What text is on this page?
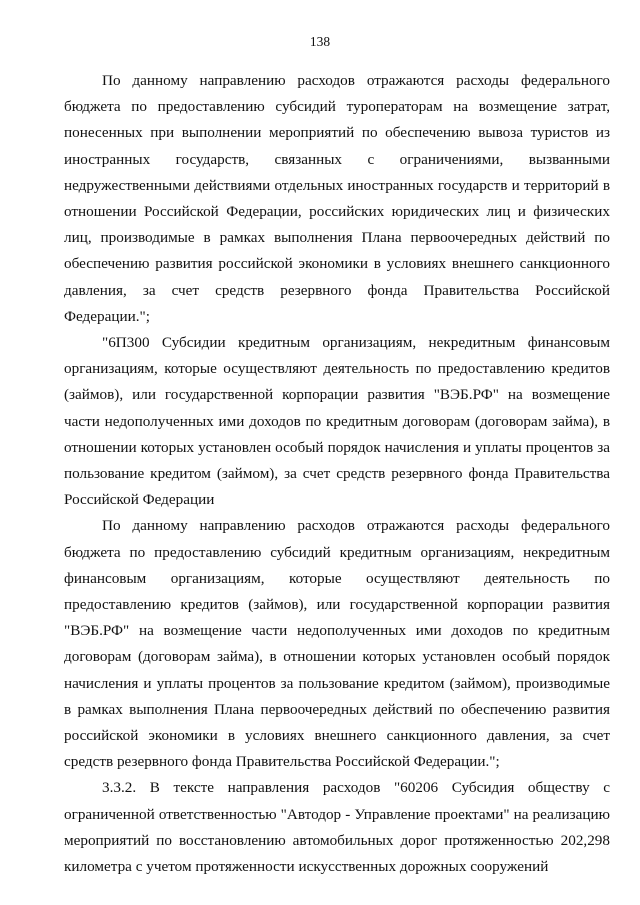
138

По данному направлению расходов отражаются расходы федерального бюджета по предоставлению субсидий туроператорам на возмещение затрат, понесенных при выполнении мероприятий по обеспечению вывоза туристов из иностранных государств, связанных с ограничениями, вызванными недружественными действиями отдельных иностранных государств и территорий в отношении Российской Федерации, российских юридических лиц и физических лиц, производимые в рамках выполнения Плана первоочередных действий по обеспечению развития российской экономики в условиях внешнего санкционного давления, за счет средств резервного фонда Правительства Российской Федерации.";

"6П300 Субсидии кредитным организациям, некредитным финансовым организациям, которые осуществляют деятельность по предоставлению кредитов (займов), или государственной корпорации развития "ВЭБ.РФ" на возмещение части недополученных ими доходов по кредитным договорам (договорам займа), в отношении которых установлен особый порядок начисления и уплаты процентов за пользование кредитом (займом), за счет средств резервного фонда Правительства Российской Федерации

По данному направлению расходов отражаются расходы федерального бюджета по предоставлению субсидий кредитным организациям, некредитным финансовым организациям, которые осуществляют деятельность по предоставлению кредитов (займов), или государственной корпорации развития "ВЭБ.РФ" на возмещение части недополученных ими доходов по кредитным договорам (договорам займа), в отношении которых установлен особый порядок начисления и уплаты процентов за пользование кредитом (займом), производимые в рамках выполнения Плана первоочередных действий по обеспечению развития российской экономики в условиях внешнего санкционного давления, за счет средств резервного фонда Правительства Российской Федерации.";

3.3.2. В тексте направления расходов "60206 Субсидия обществу с ограниченной ответственностью "Автодор - Управление проектами" на реализацию мероприятий по восстановлению автомобильных дорог протяженностью 202,298 километра с учетом протяженности искусственных дорожных сооружений
